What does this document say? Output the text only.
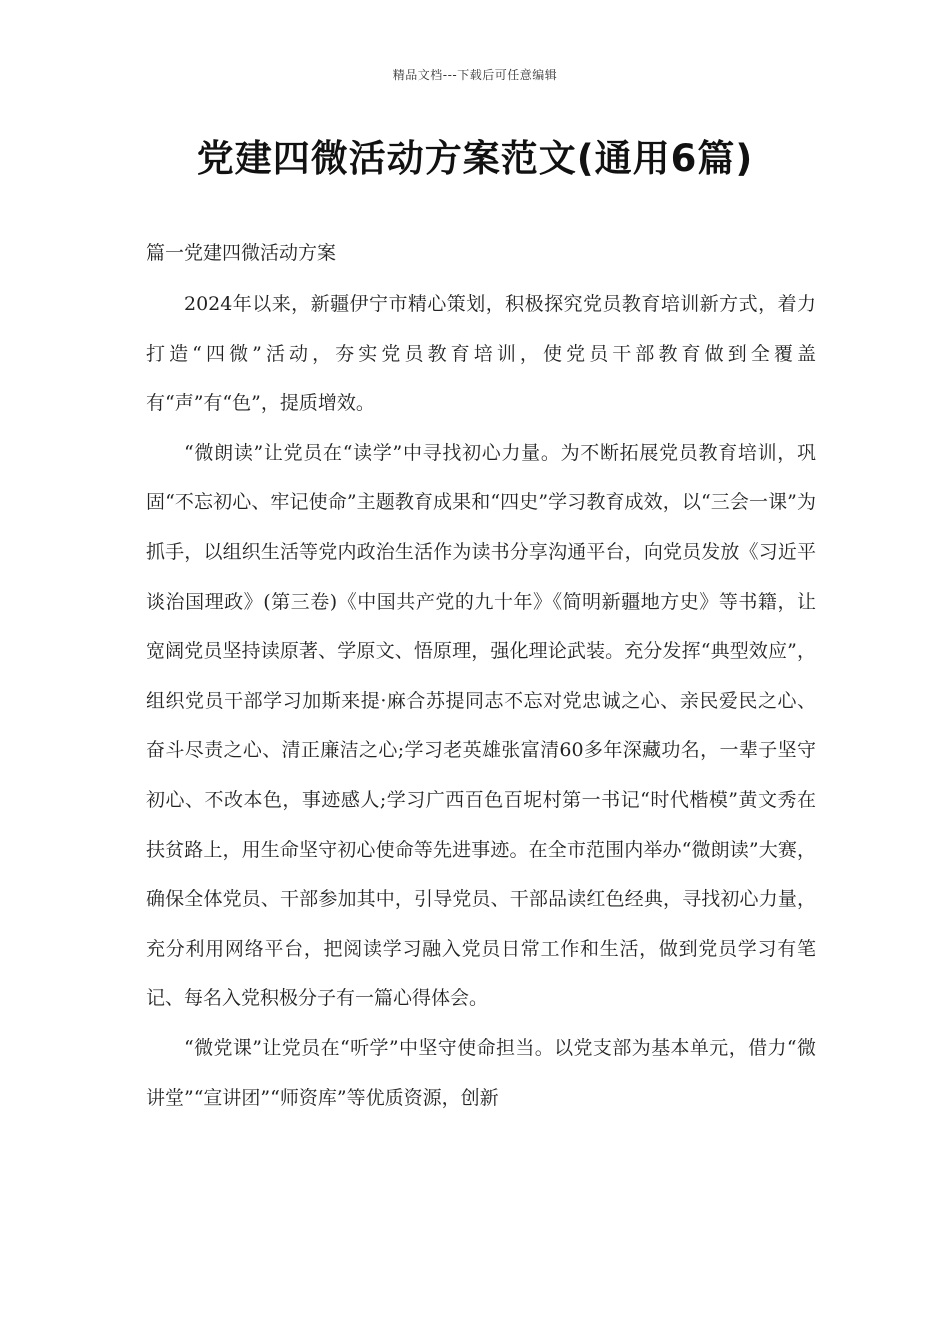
精品文档---下载后可任意编辑
党建四微活动方案范文(通用6篇)
篇一党建四微活动方案

2024年以来，新疆伊宁市精心策划，积极探究党员教育培训新方式，着力打造“四微”活动，夯实党员教育培训，使党员干部教育做到全覆盖有“声”有“色”，提质增效。

“微朗读”让党员在“读学”中寻找初心力量。为不断拓展党员教育培训，巩固“不忘初心、牢记使命”主题教育成果和“四史”学习教育成效，以“三会一课”为抓手，以组织生活等党内政治生活作为读书分享沟通平台，向党员发放《习近平谈治国理政》(第三卷)《中国共产党的九十年》《简明新疆地方史》等书籍，让宽阔党员坚持读原著、学原文、悟原理，强化理论武装。充分发挥“典型效应”，组织党员干部学习加斯来提·麻合苏提同志不忘对党忠诚之心、亲民爱民之心、奋斗尽责之心、清正廉洁之心;学习老英雄张富清60多年深藏功名，一辈子坚守初心、不改本色，事迹感人;学习广西百色百坭村第一书记“时代楷模”黄文秀在扶贫路上，用生命坚守初心使命等先进事迹。在全市范围内举办“微朗读”大赛，确保全体党员、干部参加其中，引导党员、干部品读红色经典，寻找初心力量，充分利用网络平台，把阅读学习融入党员日常工作和生活，做到党员学习有笔记、每名入党积极分子有一篇心得体会。

“微党课”让党员在“听学”中坚守使命担当。以党支部为基本单元，借力“微讲堂”“宣讲团”“师资库”等优质资源，创新
